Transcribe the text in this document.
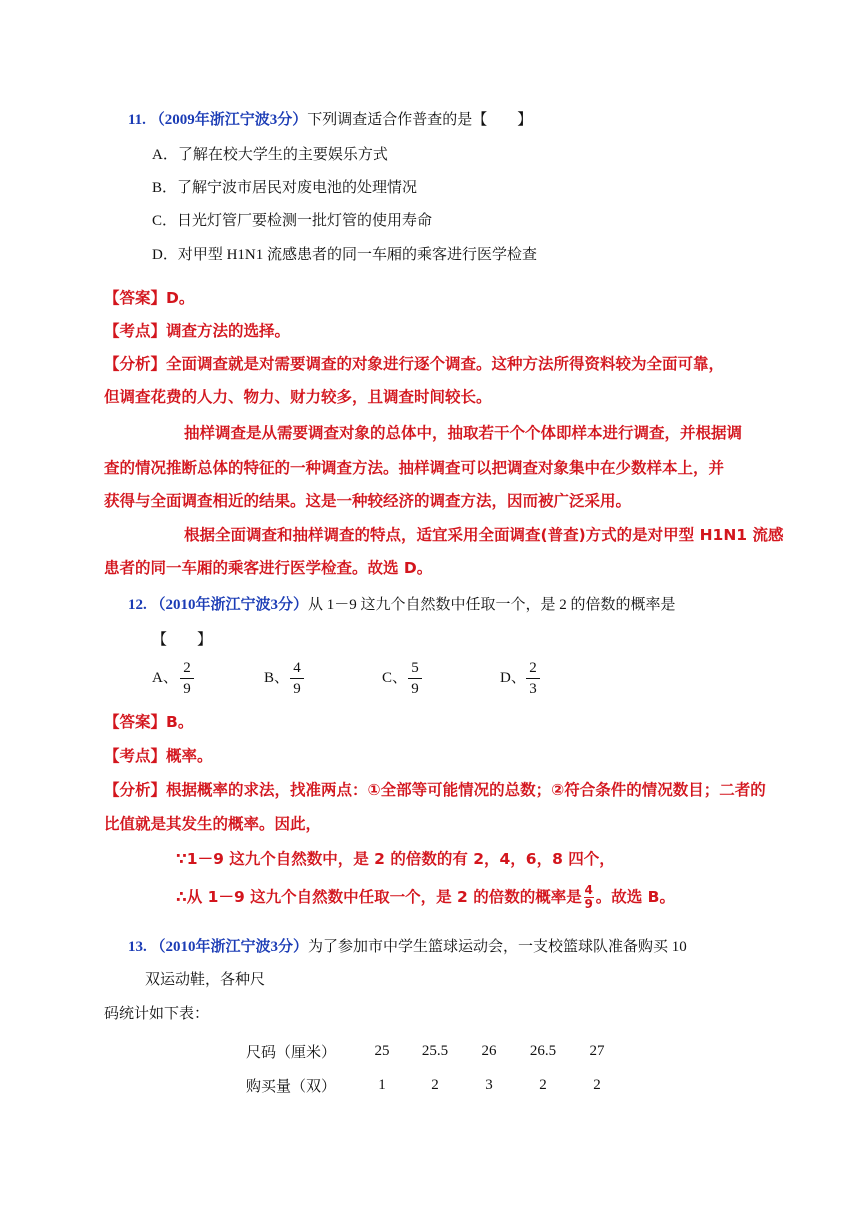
11. （2009年浙江宁波3分）下列调查适合作普查的是【　　】
A．了解在校大学生的主要娱乐方式
B．了解宁波市居民对废电池的处理情况
C．日光灯管厂要检测一批灯管的使用寿命
D．对甲型 H1N1 流感患者的同一车厢的乘客进行医学检查
【答案】D。
【考点】调查方法的选择。
【分析】全面调查就是对需要调查的对象进行逐个调查。这种方法所得资料较为全面可靠，
但调查花费的人力、物力、财力较多，且调查时间较长。
抽样调查是从需要调查对象的总体中，抽取若干个个体即样本进行调查，并根据调
查的情况推断总体的特征的一种调查方法。抽样调查可以把调查对象集中在少数样本上，并
获得与全面调查相近的结果。这是一种较经济的调查方法，因而被广泛采用。
根据全面调查和抽样调查的特点，适宜采用全面调查(普查)方式的是对甲型 H1N1 流感
患者的同一车厢的乘客进行医学检查。故选 D。
12. （2010年浙江宁波3分）从 1－9 这九个自然数中任取一个，是 2 的倍数的概率是
【　　】
A、
2
9
B、
4
9
C、
5
9
D、
2
3
【答案】B。
【考点】概率。
【分析】根据概率的求法，找准两点：①全部等可能情况的总数；②符合条件的情况数目；二者的
比值就是其发生的概率。因此，
∵1－9 这九个自然数中，是 2 的倍数的有 2，4，6，8 四个，
∴从 1－9 这九个自然数中任取一个，是 2 的倍数的概率是 $\frac{4}{9}$ 。故选 B。
13. （2010年浙江宁波3分）为了参加市中学生篮球运动会，一支校篮球队准备购买 10
双运动鞋，各种尺
码统计如下表：
尺码（厘米）	25	25.5	26	26.5	27
购买量（双）	1	2	3	2	2
